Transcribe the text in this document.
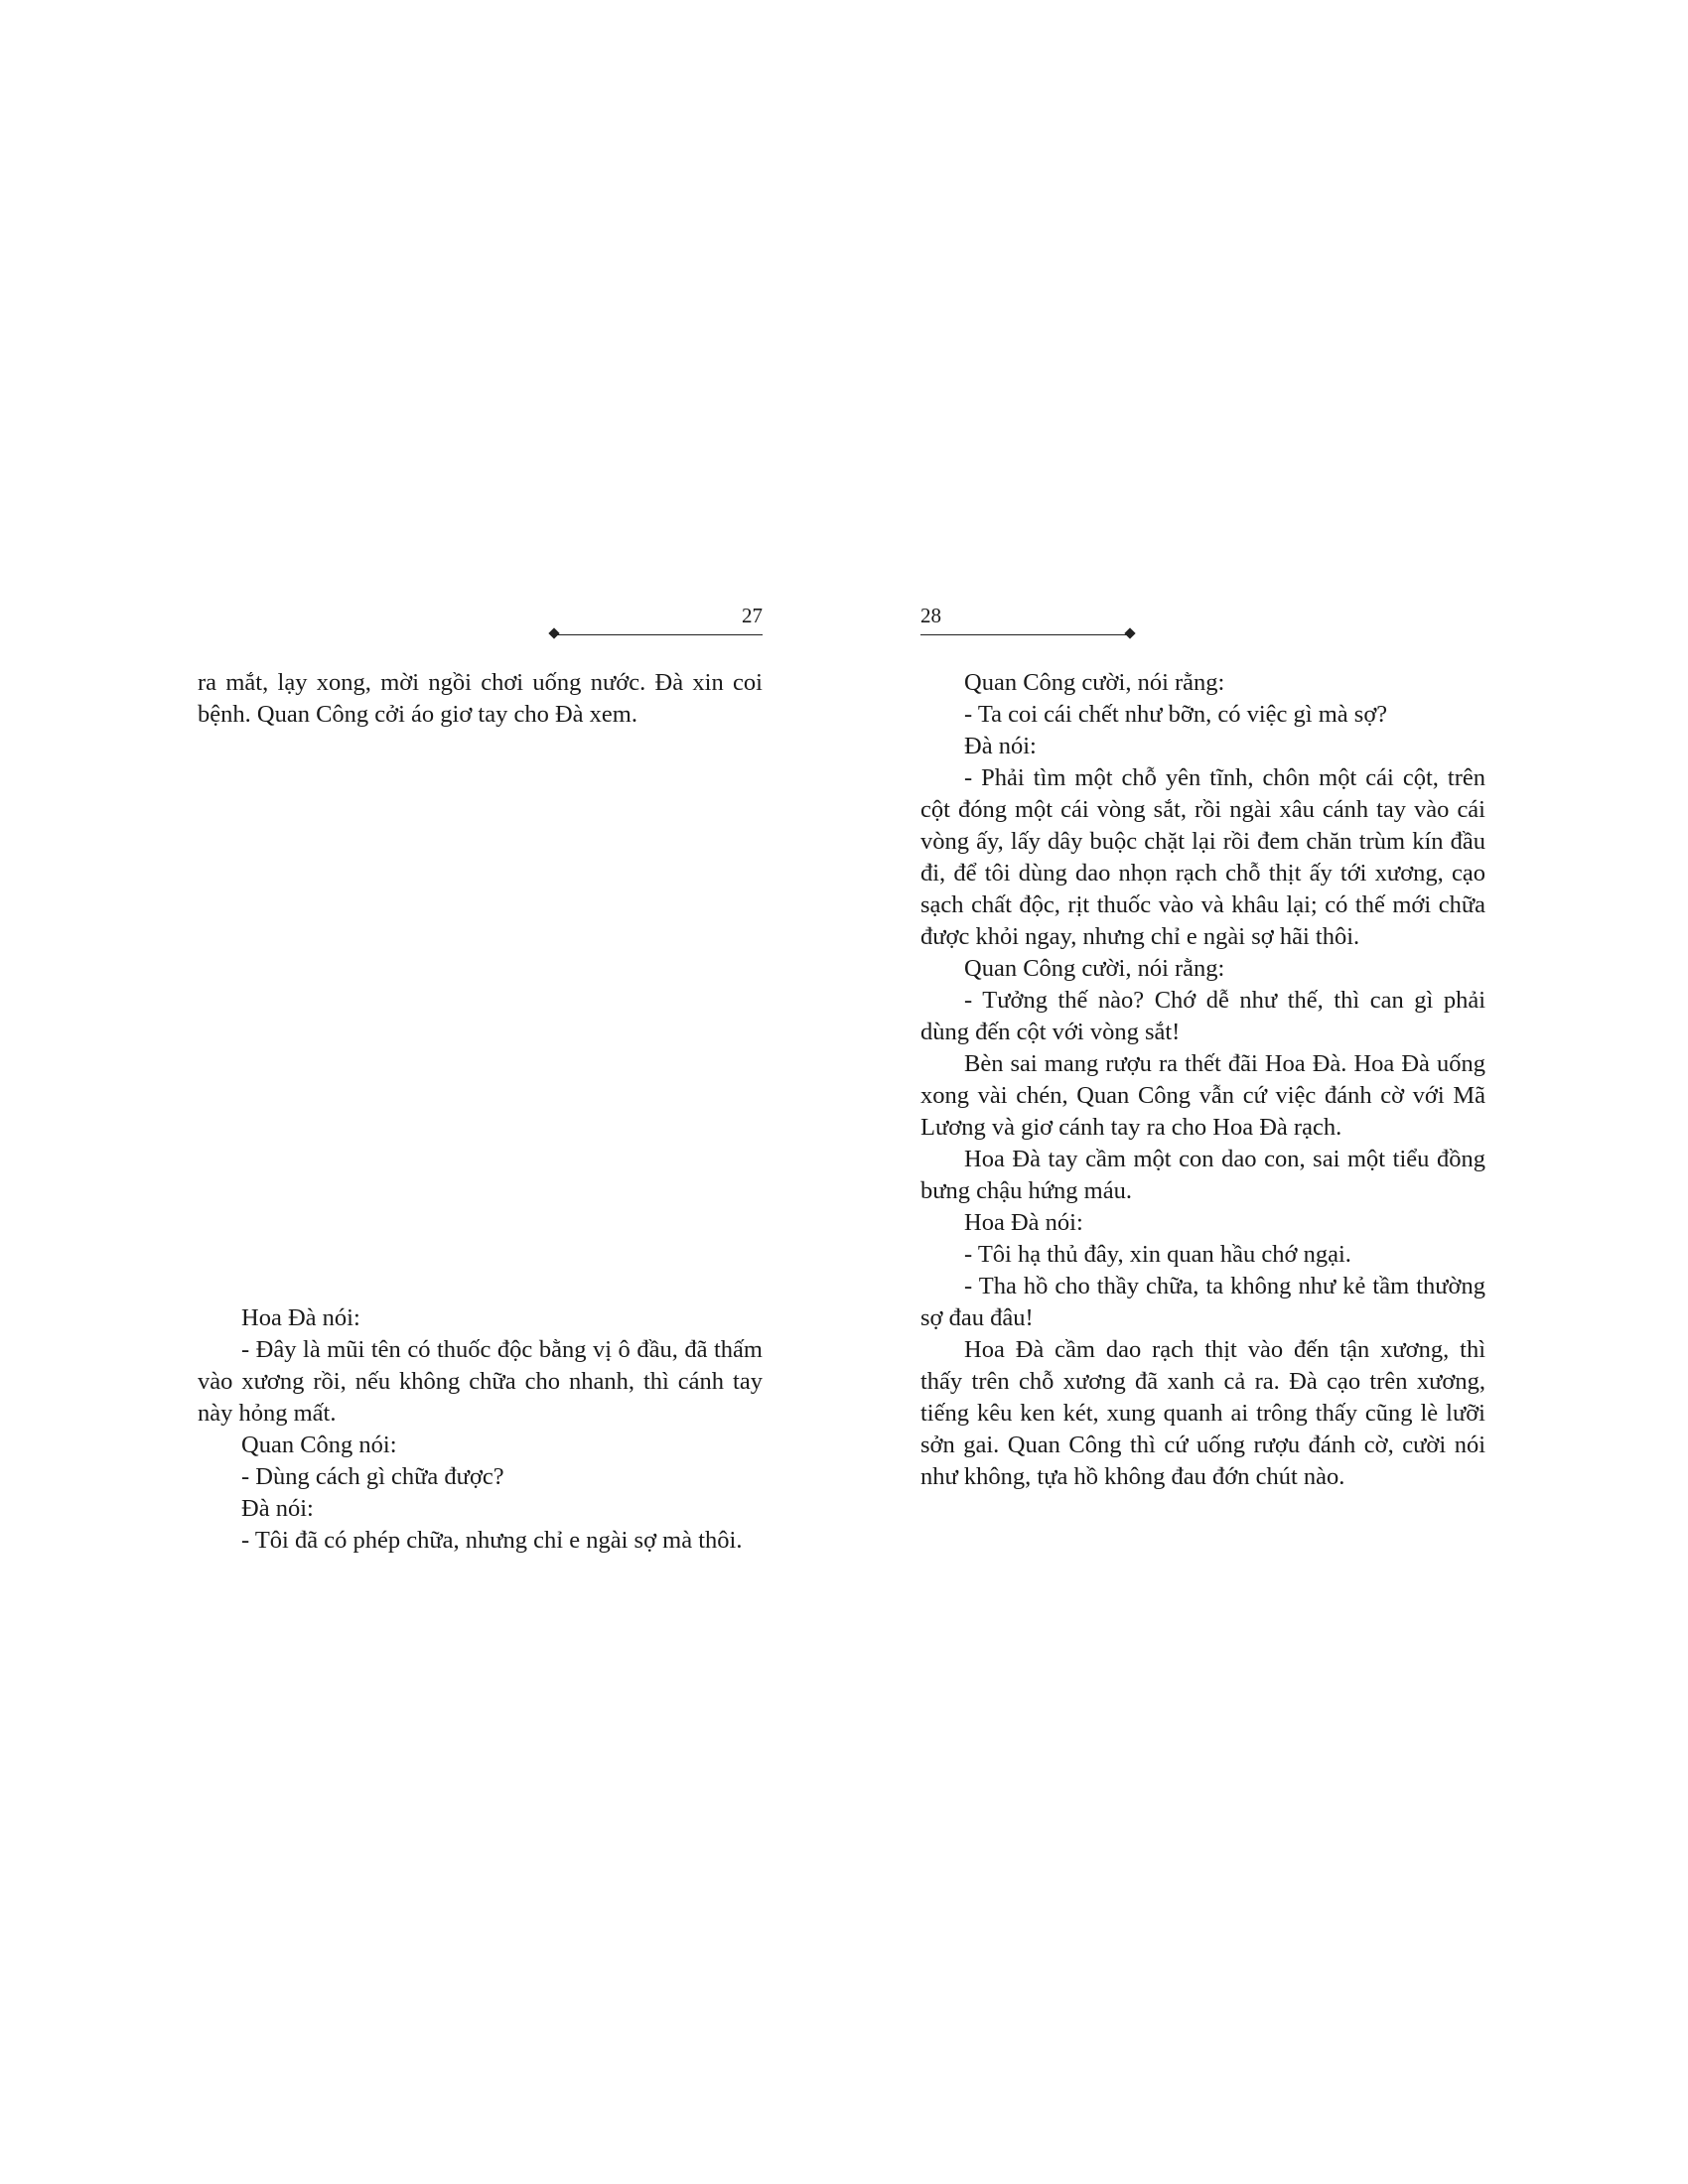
27

ra mắt, lạy xong, mời ngồi chơi uống nước. Đà xin coi bệnh. Quan Công cởi áo giơ tay cho Đà xem.

Hoa Đà nói:

- Đây là mũi tên có thuốc độc bằng vị ô đầu, đã thấm vào xương rồi, nếu không chữa cho nhanh, thì cánh tay này hỏng mất.

Quan Công nói:

- Dùng cách gì chữa được?

Đà nói:

- Tôi đã có phép chữa, nhưng chỉ e ngài sợ mà thôi.

28

Quan Công cười, nói rằng:

- Ta coi cái chết như bỡn, có việc gì mà sợ?

Đà nói:

- Phải tìm một chỗ yên tĩnh, chôn một cái cột, trên cột đóng một cái vòng sắt, rồi ngài xâu cánh tay vào cái vòng ấy, lấy dây buộc chặt lại rồi đem chăn trùm kín đầu đi, để tôi dùng dao nhọn rạch chỗ thịt ấy tới xương, cạo sạch chất độc, rịt thuốc vào và khâu lại; có thế mới chữa được khỏi ngay, nhưng chỉ e ngài sợ hãi thôi.

Quan Công cười, nói rằng:

- Tưởng thế nào? Chớ dễ như thế, thì can gì phải dùng đến cột với vòng sắt!

Bèn sai mang rượu ra thết đãi Hoa Đà. Hoa Đà uống xong vài chén, Quan Công vẫn cứ việc đánh cờ với Mã Lương và giơ cánh tay ra cho Hoa Đà rạch.

Hoa Đà tay cầm một con dao con, sai một tiểu đồng bưng chậu hứng máu.

Hoa Đà nói:

- Tôi hạ thủ đây, xin quan hầu chớ ngại.

- Tha hồ cho thầy chữa, ta không như kẻ tầm thường sợ đau đâu!

Hoa Đà cầm dao rạch thịt vào đến tận xương, thì thấy trên chỗ xương đã xanh cả ra. Đà cạo trên xương, tiếng kêu ken két, xung quanh ai trông thấy cũng lè lưỡi sởn gai. Quan Công thì cứ uống rượu đánh cờ, cười nói như không, tựa hồ không đau đớn chút nào.
